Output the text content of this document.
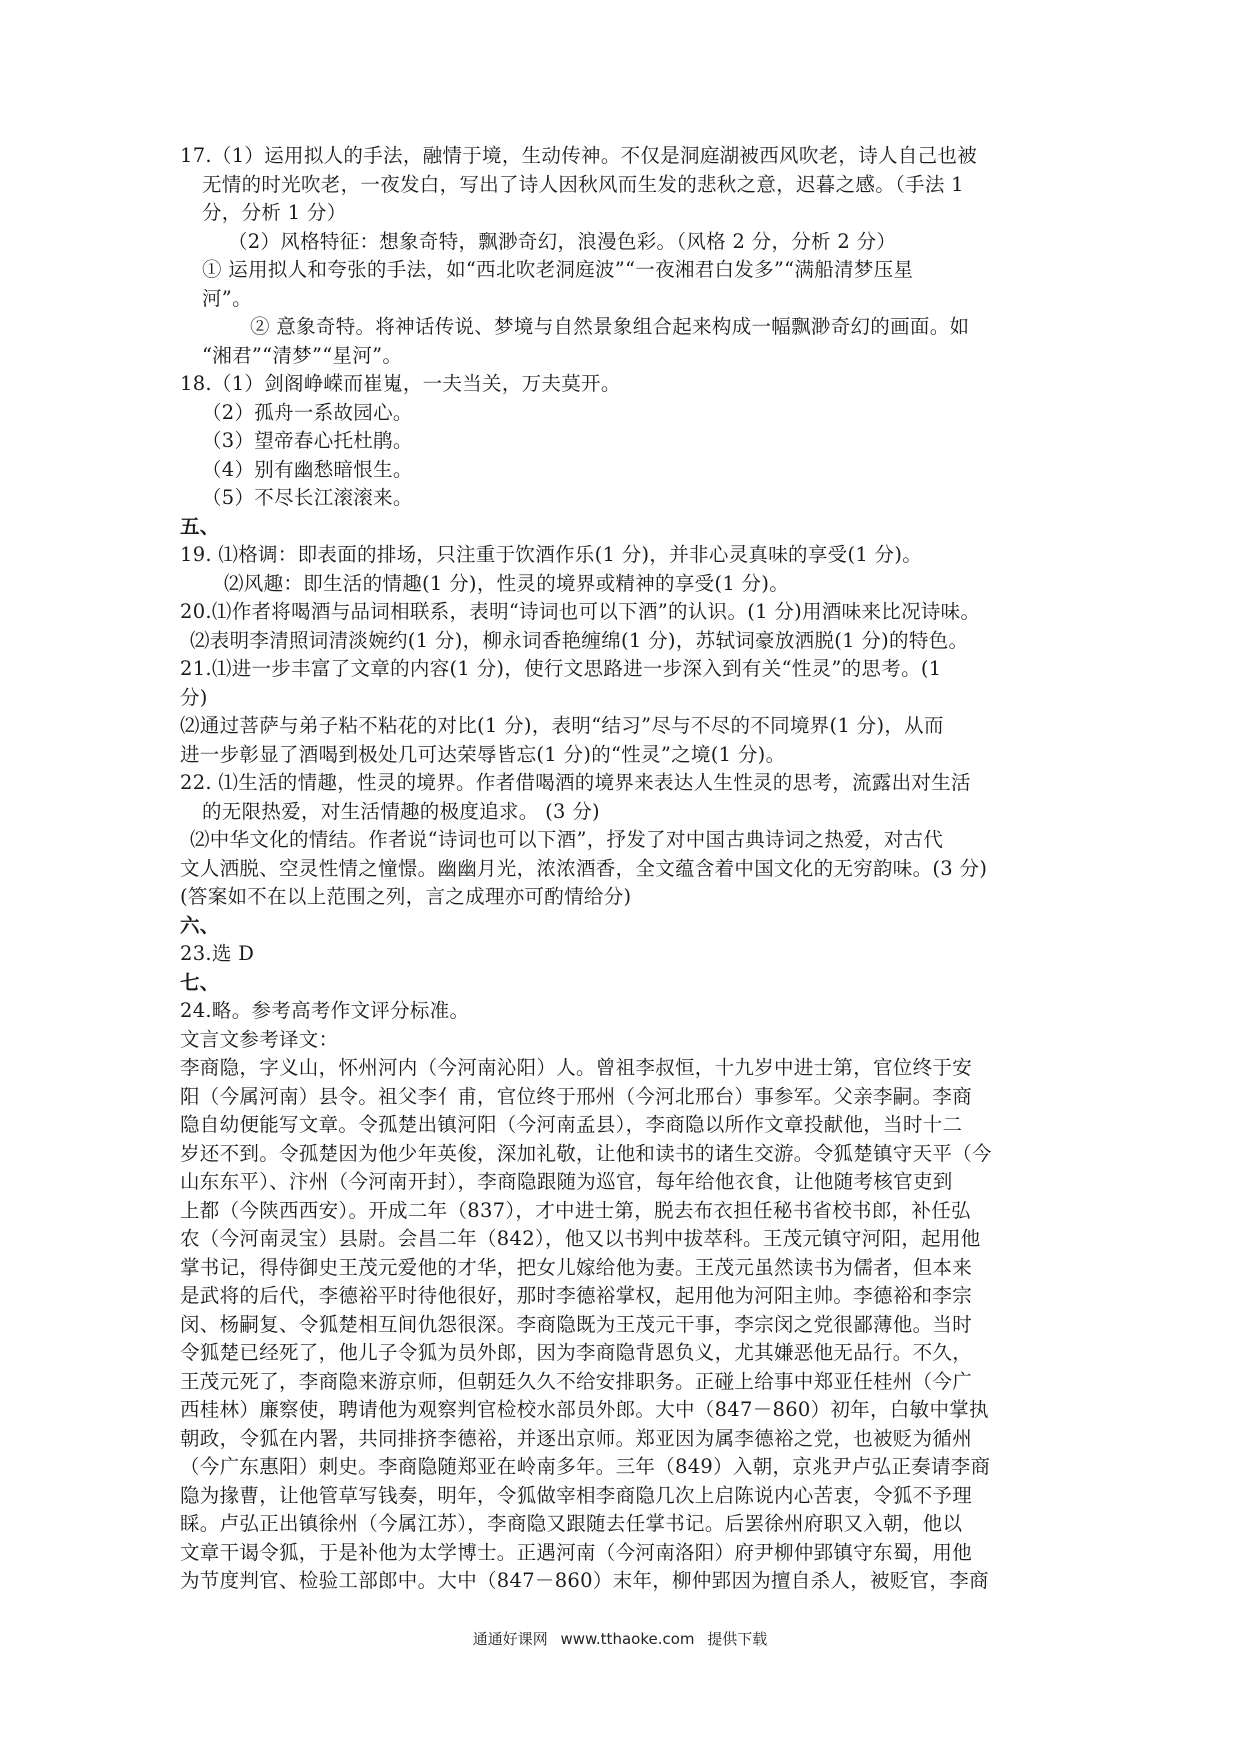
17.（1）运用拟人的手法，融情于境，生动传神。不仅是洞庭湖被西风吹老，诗人自己也被
无情的时光吹老，一夜发白，写出了诗人因秋风而生发的悲秋之意，迟暮之感。（手法 1
分，分析 1 分）
（2）风格特征：想象奇特，飘渺奇幻，浪漫色彩。（风格 2 分，分析 2 分）
① 运用拟人和夸张的手法，如“西北吹老洞庭波”“一夜湘君白发多”“满船清梦压星
河”。
② 意象奇特。将神话传说、梦境与自然景象组合起来构成一幅飘渺奇幻的画面。如
“湘君”“清梦”“星河”。
18.（1）剑阁峥嵘而崔嵬，一夫当关，万夫莫开。
（2）孤舟一系故园心。
（3）望帝春心托杜鹃。
（4）别有幽愁暗恨生。
（5）不尽长江滚滚来。
五、
19. ⑴格调：即表面的排场，只注重于饮酒作乐(1 分)，并非心灵真味的享受(1 分)。
⑵风趣：即生活的情趣(1 分)，性灵的境界或精神的享受(1 分)。
20.⑴作者将喝酒与品词相联系，表明“诗词也可以下酒”的认识。(1 分)用酒味来比况诗味。
⑵表明李清照词清淡婉约(1 分)，柳永词香艳缠绵(1 分)，苏轼词豪放洒脱(1 分)的特色。
21.⑴进一步丰富了文章的内容(1 分)，使行文思路进一步深入到有关“性灵”的思考。(1
分)
⑵通过菩萨与弟子粘不粘花的对比(1 分)，表明“结习”尽与不尽的不同境界(1 分)，从而
进一步彰显了酒喝到极处几可达荣辱皆忘(1 分)的“性灵”之境(1 分)。
22. ⑴生活的情趣，性灵的境界。作者借喝酒的境界来表达人生性灵的思考，流露出对生活
的无限热爱，对生活情趣的极度追求。 (3 分)
⑵中华文化的情结。作者说“诗词也可以下酒”，抒发了对中国古典诗词之热爱，对古代
文人洒脱、空灵性情之憧憬。幽幽月光，浓浓酒香，全文蕴含着中国文化的无穷韵味。(3 分)
(答案如不在以上范围之列，言之成理亦可酌情给分)
六、
23.选 D
七、
24.略。参考高考作文评分标准。
文言文参考译文：
李商隐，字义山，怀州河内（今河南沁阳）人。曾祖李叔恒，十九岁中进士第，官位终于安
阳（今属河南）县令。祖父李亻甫，官位终于邢州（今河北邢台）事参军。父亲李嗣。李商
隐自幼便能写文章。令孤楚出镇河阳（今河南孟县），李商隐以所作文章投献他，当时十二
岁还不到。令孤楚因为他少年英俊，深加礼敬，让他和读书的诸生交游。令狐楚镇守天平（今
山东东平）、汴州（今河南开封），李商隐跟随为巡官，每年给他衣食，让他随考核官吏到
上都（今陕西西安）。开成二年（837），才中进士第，脱去布衣担任秘书省校书郎，补任弘
农（今河南灵宝）县尉。会昌二年（842），他又以书判中拔萃科。王茂元镇守河阳，起用他
掌书记，得侍御史王茂元爱他的才华，把女儿嫁给他为妻。王茂元虽然读书为儒者，但本来
是武将的后代，李德裕平时待他很好，那时李德裕掌权，起用他为河阳主帅。李德裕和李宗
闵、杨嗣复、令狐楚相互间仇怨很深。李商隐既为王茂元干事，李宗闵之党很鄙薄他。当时
令狐楚已经死了，他儿子令狐为员外郎，因为李商隐背恩负义，尤其嫌恶他无品行。不久，
王茂元死了，李商隐来游京师，但朝廷久久不给安排职务。正碰上给事中郑亚任桂州（今广
西桂林）廉察使，聘请他为观察判官检校水部员外郎。大中（847－860）初年，白敏中掌执
朝政，令狐在内署，共同排挤李德裕，并逐出京师。郑亚因为属李德裕之党，也被贬为循州
（今广东惠阳）刺史。李商隐随郑亚在岭南多年。三年（849）入朝，京兆尹卢弘正奏请李商
隐为掾曹，让他管草写钱奏，明年，令狐做宰相李商隐几次上启陈说内心苦衷，令狐不予理
睬。卢弘正出镇徐州（今属江苏），李商隐又跟随去任掌书记。后罢徐州府职又入朝，他以
文章干谒令狐，于是补他为太学博士。正遇河南（今河南洛阳）府尹柳仲郢镇守东蜀，用他
为节度判官、检验工部郎中。大中（847－860）末年，柳仲郢因为擅自杀人，被贬官，李商
通通好课网 www.tthaoke.com 提供下载
